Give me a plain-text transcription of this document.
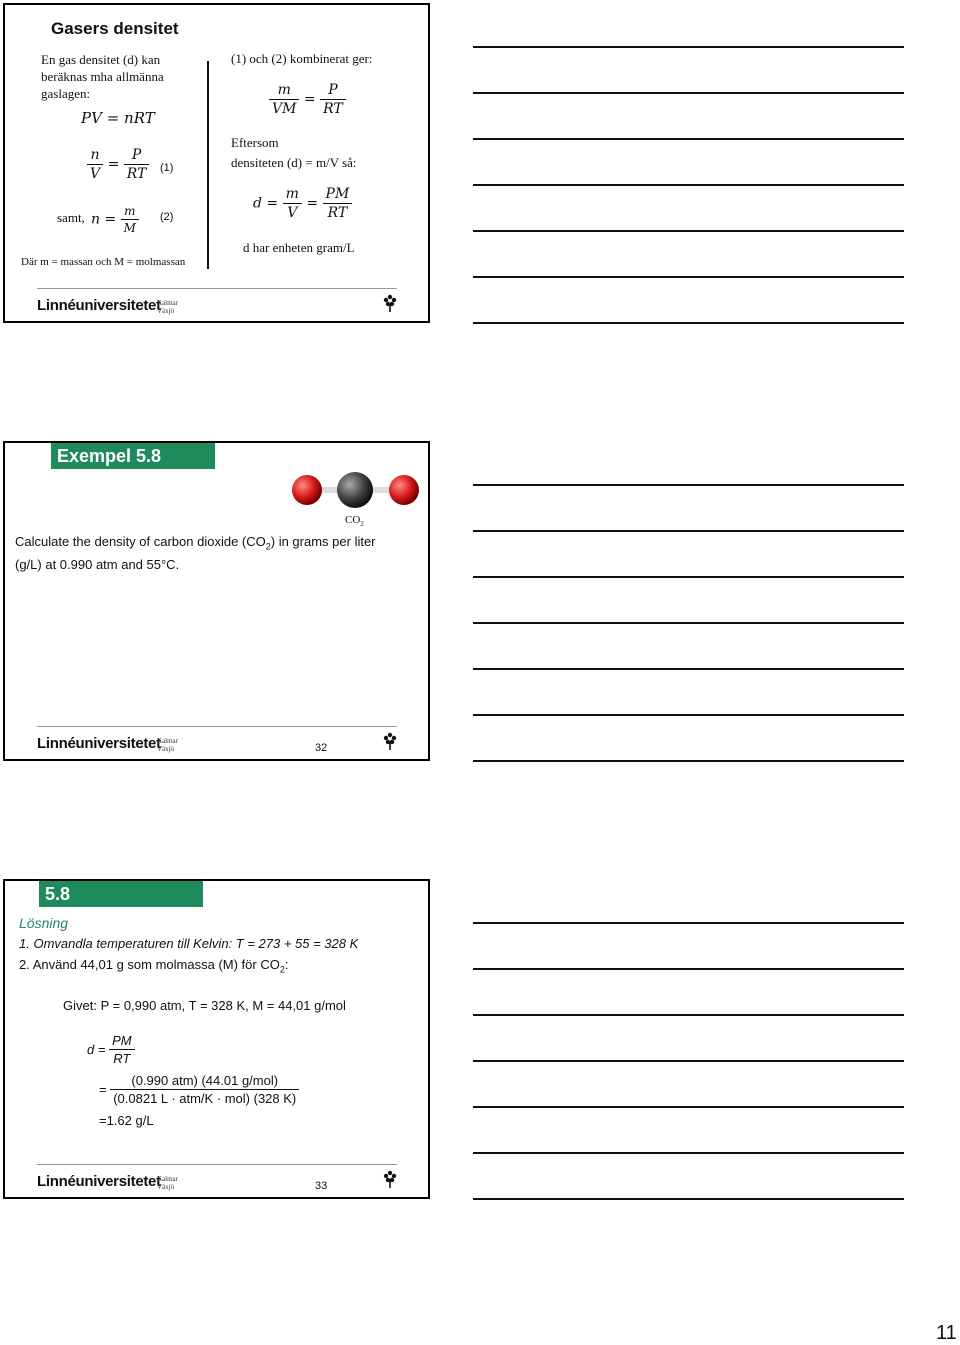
Gasers densitet
En gas densitet (d) kan beräknas mha allmänna gaslagen:
PV = nRT
$\frac{n}{V} = \frac{P}{RT} (1)$
samt, $n = \frac{m}{M} (2)$
Där m = massan och M = molmassan
(1) och (2) kombinerat ger:
$\frac{m}{VM} = \frac{P}{RT}$
Eftersom
densiteten (d) = m/V så:
$d = \frac{m}{V} = \frac{PM}{RT}$
d har enheten gram/L
Linnéuniversitetet
Kalmar
Växjö
Exempel 5.8
$CO_2$
Calculate the density of carbon dioxide $(CO_2)$ in grams per liter
(g/L) at 0.990 atm and 55°C.
Linnéuniversitetet
Kalmar
Växjö	32
5.8
Lösning
1. Omvandla temperaturen till Kelvin: T = 273 + 55 = 328 K
2. Använd 44,01 g som molmassa (M) för $CO_2$:
Givet: P = 0,990 atm, T = 328 K, M = 44,01 g/mol
$d = \frac{PM}{RT}$
= $\frac{\text{(0.990 atm) (44.01 g/mol)}}{\text{(0.0821 L · atm/K · mol) (328 K)}}$
=1.62 g/L
Linnéuniversitetet
Kalmar
Växjö	33
11
